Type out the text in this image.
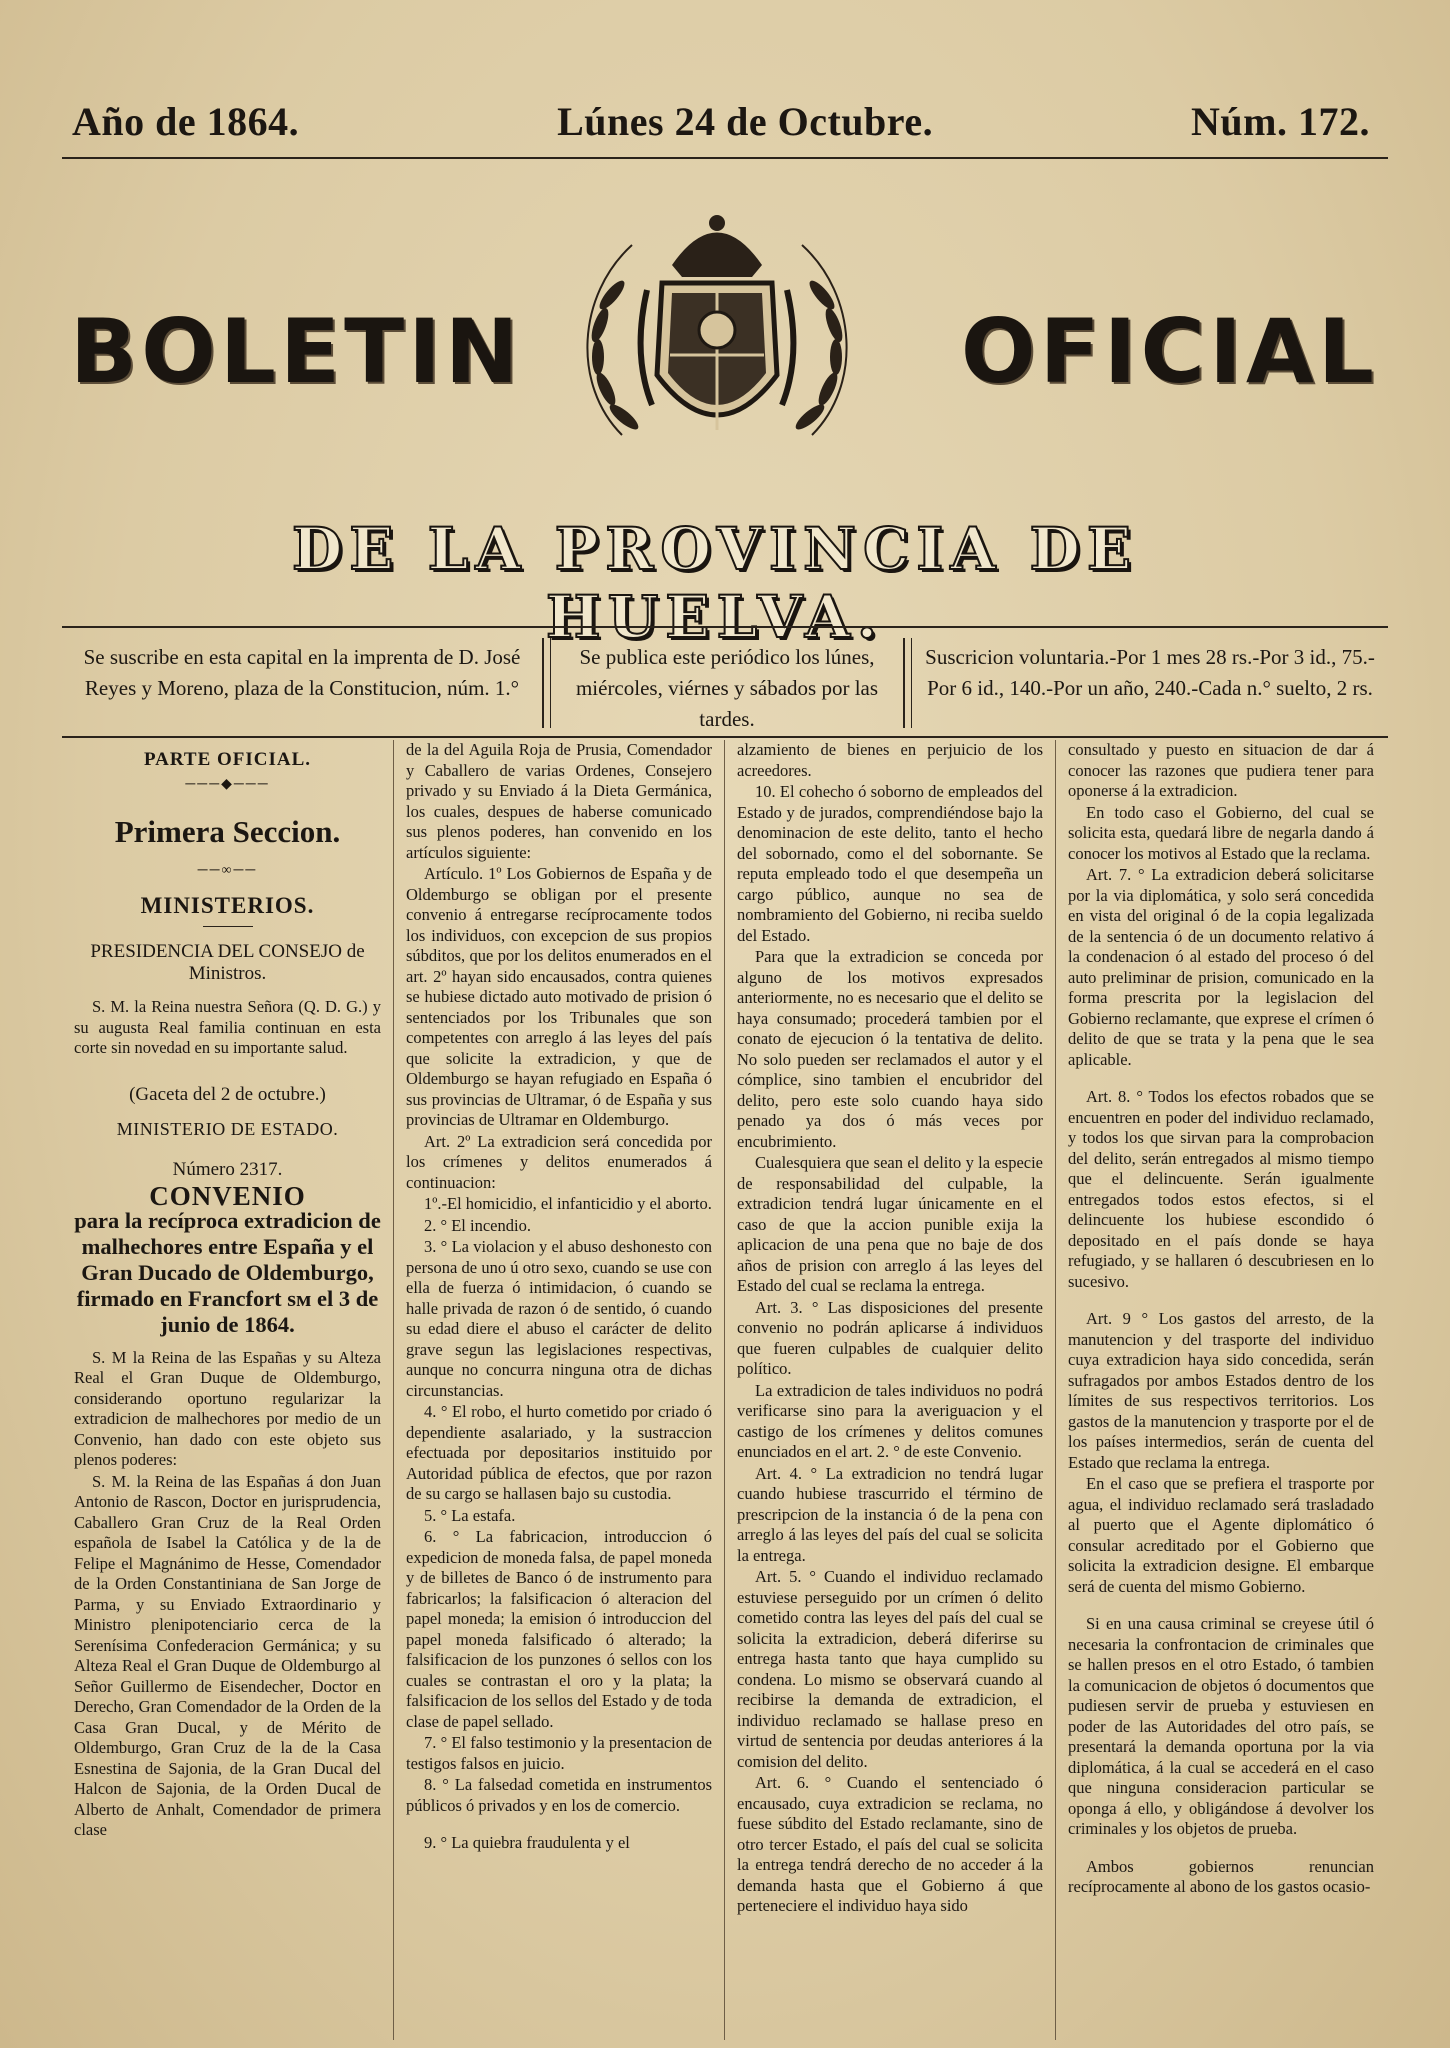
Año de 1864.	Lúnes 24 de Octubre.	Núm. 172.
BOLETIN	OFICIAL
DE LA PROVINCIA DE HUELVA.
Se suscribe en esta capital en la imprenta de D. José Reyes y Moreno, plaza de la Constitucion, núm. 1.°
Se publica este periódico los lúnes, miércoles, viérnes y sábados por las tardes.
Suscricion voluntaria.-Por 1 mes 28 rs.-Por 3 id., 75.-Por 6 id., 140.-Por un año, 240.-Cada n.° suelto, 2 rs.

PARTE OFICIAL.

───◆───

Primera Seccion.

──∞──

MINISTERIOS.

PRESIDENCIA DEL CONSEJO de Ministros.

S. M. la Reina nuestra Señora (Q. D. G.) y su augusta Real familia continuan en esta corte sin novedad en su importante salud.

(Gaceta del 2 de octubre.)

MINISTERIO DE ESTADO.

Número 2317.

CONVENIO

para la recíproca extradicion de malhechores entre España y el Gran Ducado de Oldemburgo, firmado en Francfort sм el 3 de junio de 1864.

S. M la Reina de las Españas y su Alteza Real el Gran Duque de Oldemburgo, considerando oportuno regularizar la extradicion de malhechores por medio de un Convenio, han dado con este objeto sus plenos poderes:

S. M. la Reina de las Españas á don Juan Antonio de Rascon, Doctor en jurisprudencia, Caballero Gran Cruz de la Real Orden española de Isabel la Católica y de la de Felipe el Magnánimo de Hesse, Comendador de la Orden Constantiniana de San Jorge de Parma, y su Enviado Extraordinario y Ministro plenipotenciario cerca de la Serenísima Confederacion Germánica; y su Alteza Real el Gran Duque de Oldemburgo al Señor Guillermo de Eisendecher, Doctor en Derecho, Gran Comendador de la Orden de la Casa Gran Ducal, y de Mérito de Oldemburgo, Gran Cruz de la de la Casa Esnestina de Sajonia, de la Gran Ducal del Halcon de Sajonia, de la Orden Ducal de Alberto de Anhalt, Comendador de primera clase

de la del Aguila Roja de Prusia, Comendador y Caballero de varias Ordenes, Consejero privado y su Enviado á la Dieta Germánica, los cuales, despues de haberse comunicado sus plenos poderes, han convenido en los artículos siguiente:

Artículo. 1º Los Gobiernos de España y de Oldemburgo se obligan por el presente convenio á entregarse recíprocamente todos los individuos, con excepcion de sus propios súbditos, que por los delitos enumerados en el art. 2º hayan sido encausados, contra quienes se hubiese dictado auto motivado de prision ó sentenciados por los Tribunales que son competentes con arreglo á las leyes del país que solicite la extradicion, y que de Oldemburgo se hayan refugiado en España ó sus provincias de Ultramar, ó de España y sus provincias de Ultramar en Oldemburgo.

Art. 2º La extradicion será concedida por los crímenes y delitos enumerados á continuacion:

1º.-El homicidio, el infanticidio y el aborto.

2. ° El incendio.

3. ° La violacion y el abuso deshonesto con persona de uno ú otro sexo, cuando se use con ella de fuerza ó intimidacion, ó cuando se halle privada de razon ó de sentido, ó cuando su edad diere el abuso el carácter de delito grave segun las legislaciones respectivas, aunque no concurra ninguna otra de dichas circunstancias.

4. ° El robo, el hurto cometido por criado ó dependiente asalariado, y la sustraccion efectuada por depositarios instituido por Autoridad pública de efectos, que por razon de su cargo se hallasen bajo su custodia.

5. ° La estafa.

6. ° La fabricacion, introduccion ó expedicion de moneda falsa, de papel moneda y de billetes de Banco ó de instrumento para fabricarlos; la falsificacion ó alteracion del papel moneda; la emision ó introduccion del papel moneda falsificado ó alterado; la falsificacion de los punzones ó sellos con los cuales se contrastan el oro y la plata; la falsificacion de los sellos del Estado y de toda clase de papel sellado.

7. ° El falso testimonio y la presentacion de testigos falsos en juicio.

8. ° La falsedad cometida en instrumentos públicos ó privados y en los de comercio.

9. ° La quiebra fraudulenta y el

alzamiento de bienes en perjuicio de los acreedores.

10. El cohecho ó soborno de empleados del Estado y de jurados, comprendiéndose bajo la denominacion de este delito, tanto el hecho del sobornado, como el del sobornante. Se reputa empleado todo el que desempeña un cargo público, aunque no sea de nombramiento del Gobierno, ni reciba sueldo del Estado.

Para que la extradicion se conceda por alguno de los motivos expresados anteriormente, no es necesario que el delito se haya consumado; procederá tambien por el conato de ejecucion ó la tentativa de delito. No solo pueden ser reclamados el autor y el cómplice, sino tambien el encubridor del delito, pero este solo cuando haya sido penado ya dos ó más veces por encubrimiento.

Cualesquiera que sean el delito y la especie de responsabilidad del culpable, la extradicion tendrá lugar únicamente en el caso de que la accion punible exija la aplicacion de una pena que no baje de dos años de prision con arreglo á las leyes del Estado del cual se reclama la entrega.

Art. 3. ° Las disposiciones del presente convenio no podrán aplicarse á individuos que fueren culpables de cualquier delito político.

La extradicion de tales individuos no podrá verificarse sino para la averiguacion y el castigo de los crímenes y delitos comunes enunciados en el art. 2. ° de este Convenio.

Art. 4. ° La extradicion no tendrá lugar cuando hubiese trascurrido el término de prescripcion de la instancia ó de la pena con arreglo á las leyes del país del cual se solicita la entrega.

Art. 5. ° Cuando el individuo reclamado estuviese perseguido por un crímen ó delito cometido contra las leyes del país del cual se solicita la extradicion, deberá diferirse su entrega hasta tanto que haya cumplido su condena. Lo mismo se observará cuando al recibirse la demanda de extradicion, el individuo reclamado se hallase preso en virtud de sentencia por deudas anteriores á la comision del delito.

Art. 6. ° Cuando el sentenciado ó encausado, cuya extradicion se reclama, no fuese súbdito del Estado reclamante, sino de otro tercer Estado, el país del cual se solicita la entrega tendrá derecho de no acceder á la demanda hasta que el Gobierno á que perteneciere el individuo haya sido

consultado y puesto en situacion de dar á conocer las razones que pudiera tener para oponerse á la extradicion.

En todo caso el Gobierno, del cual se solicita esta, quedará libre de negarla dando á conocer los motivos al Estado que la reclama.

Art. 7. ° La extradicion deberá solicitarse por la via diplomática, y solo será concedida en vista del original ó de la copia legalizada de la sentencia ó de un documento relativo á la condenacion ó al estado del proceso ó del auto preliminar de prision, comunicado en la forma prescrita por la legislacion del Gobierno reclamante, que exprese el crímen ó delito de que se trata y la pena que le sea aplicable.

Art. 8. ° Todos los efectos robados que se encuentren en poder del individuo reclamado, y todos los que sirvan para la comprobacion del delito, serán entregados al mismo tiempo que el delincuente. Serán igualmente entregados todos estos efectos, si el delincuente los hubiese escondido ó depositado en el país donde se haya refugiado, y se hallaren ó descubriesen en lo sucesivo.

Art. 9 ° Los gastos del arresto, de la manutencion y del trasporte del individuo cuya extradicion haya sido concedida, serán sufragados por ambos Estados dentro de los límites de sus respectivos territorios. Los gastos de la manutencion y trasporte por el de los países intermedios, serán de cuenta del Estado que reclama la entrega.

En el caso que se prefiera el trasporte por agua, el individuo reclamado será trasladado al puerto que el Agente diplomático ó consular acreditado por el Gobierno que solicita la extradicion designe. El embarque será de cuenta del mismo Gobierno.

Si en una causa criminal se creyese útil ó necesaria la confrontacion de criminales que se hallen presos en el otro Estado, ó tambien la comunicacion de objetos ó documentos que pudiesen servir de prueba y estuviesen en poder de las Autoridades del otro país, se presentará la demanda oportuna por la via diplomática, á la cual se accederá en el caso que ninguna consideracion particular se oponga á ello, y obligándose á devolver los criminales y los objetos de prueba.

Ambos gobiernos renuncian recíprocamente al abono de los gastos ocasio-
